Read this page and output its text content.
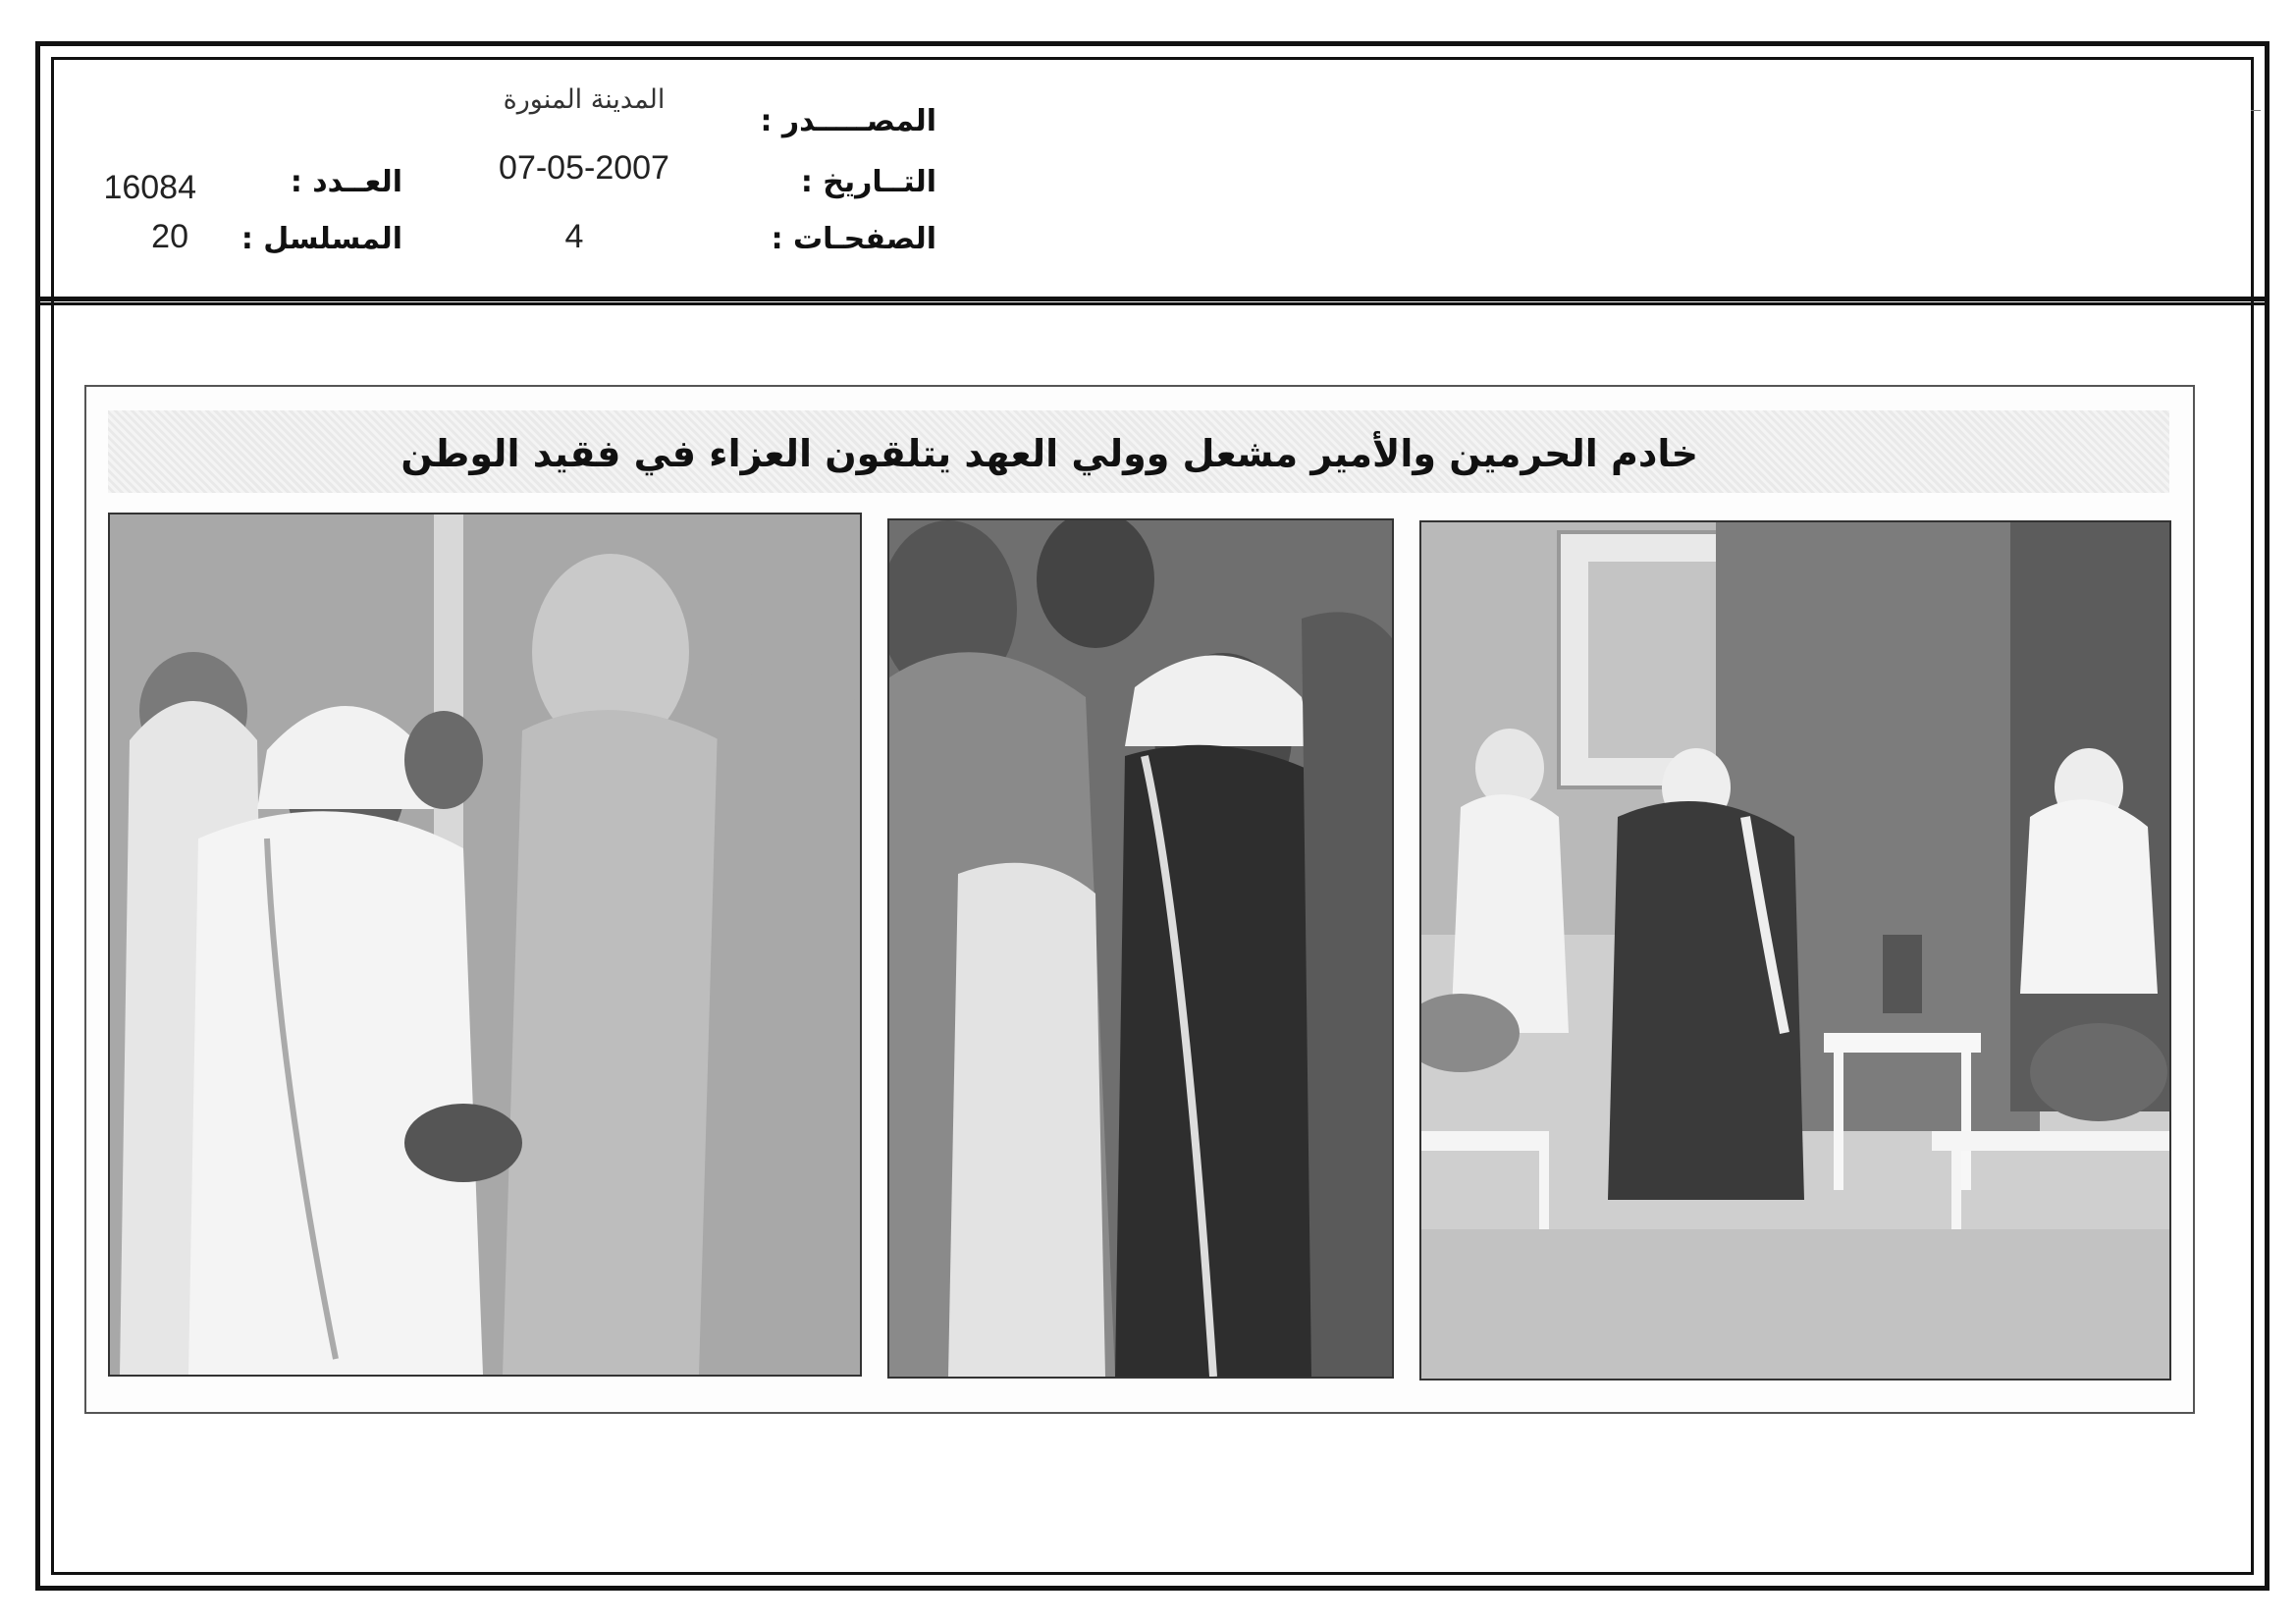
المصـــــدر :
التــاريخ :
الصفحـات :
المدينة المنورة
07-05-2007
4
العــدد :
المسلسل :
16084
20
خادم الحرمين والأمير مشعل وولي العهد يتلقون العزاء في فقيد الوطن
